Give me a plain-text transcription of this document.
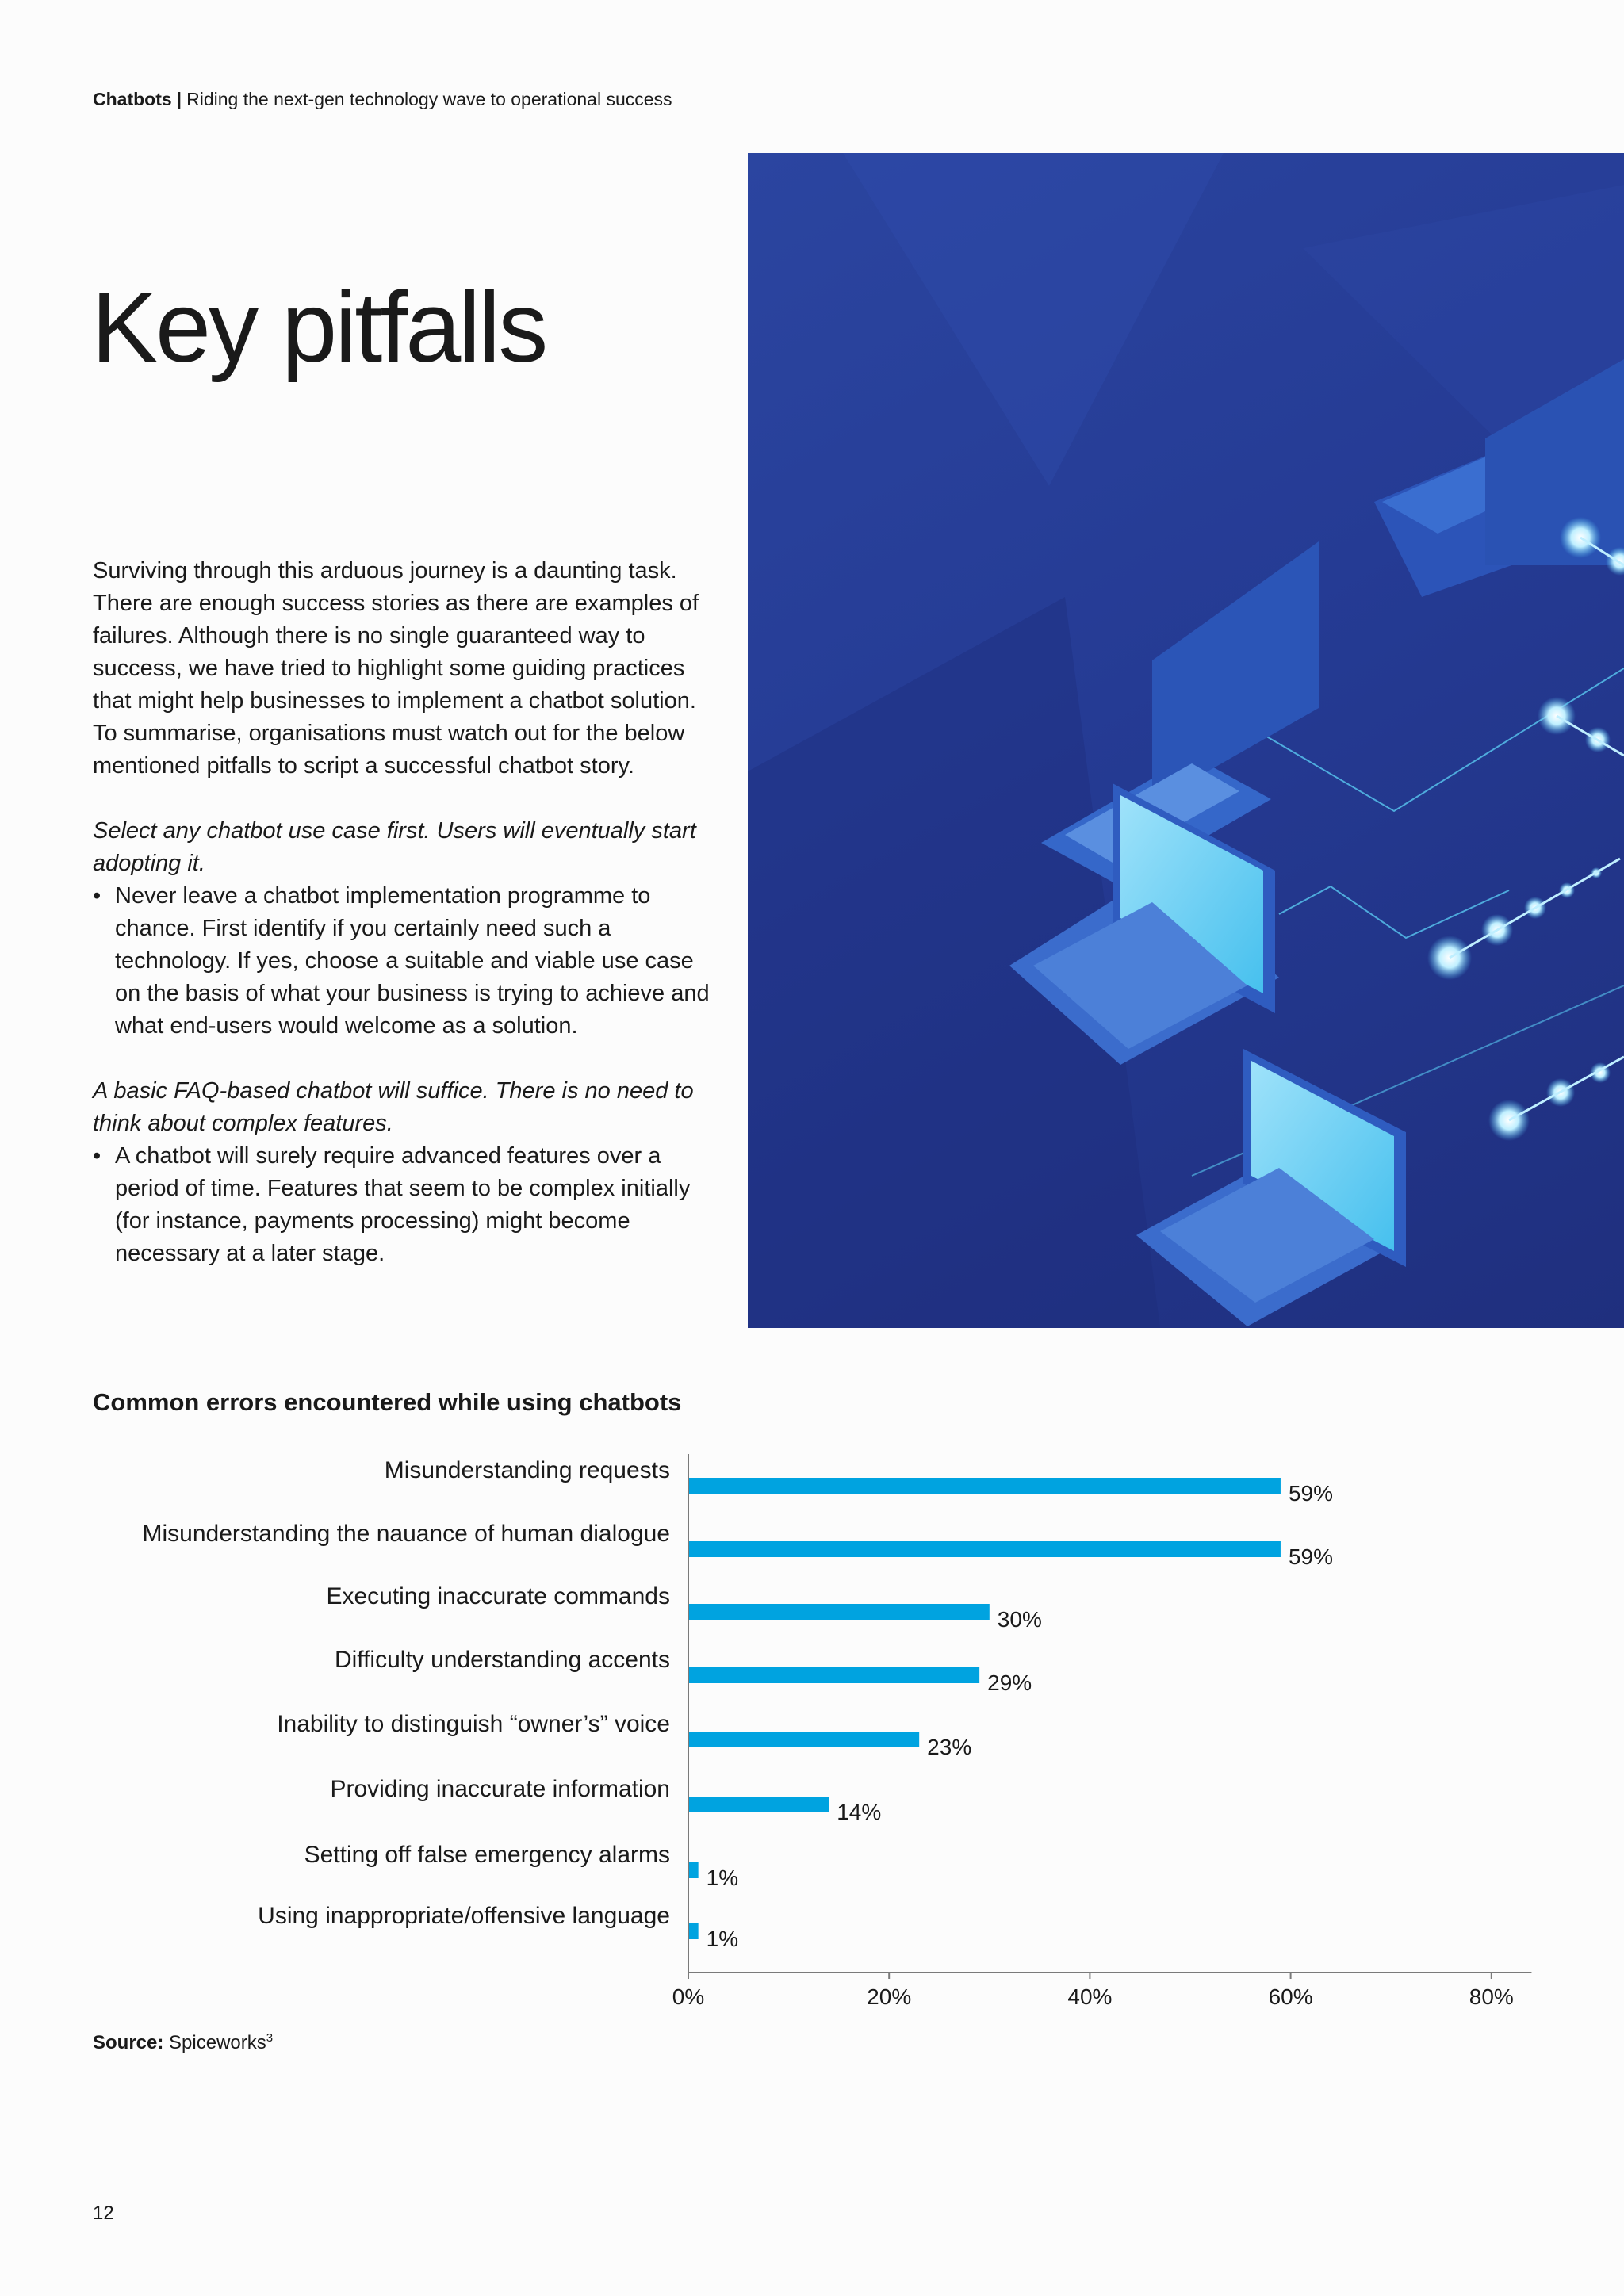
Chatbots | Riding the next-gen technology wave to operational success
Key pitfalls

Surviving through this arduous journey is a daunting task. There are enough success stories as there are examples of failures. Although there is no single guaranteed way to success, we have tried to highlight some guiding practices that might help businesses to implement a chatbot solution. To summarise, organisations must watch out for the below mentioned pitfalls to script a successful chatbot story.

Select any chatbot use case first. Users will eventually start adopting it.

• Never leave a chatbot implementation programme to chance. First identify if you certainly need such a technology. If yes, choose a suitable and viable use case on the basis of what your business is trying to achieve and what end-users would welcome as a solution.

A basic FAQ-based chatbot will suffice. There is no need to think about complex features.

• A chatbot will surely require advanced features over a period of time. Features that seem to be complex initially (for instance, payments processing) might become necessary at a later stage.

Common errors encountered while using chatbots
Misunderstanding requests
59%
Misunderstanding the nauance of human dialogue
59%
Executing inaccurate commands
30%
Difficulty understanding accents
29%
Inability to distinguish “owner’s” voice
23%
Providing inaccurate information
14%
Setting off false emergency alarms
1%
Using inappropriate/offensive language
1%
0%	20%	40%	60%	80%
Source: Spiceworks$^3$
12
